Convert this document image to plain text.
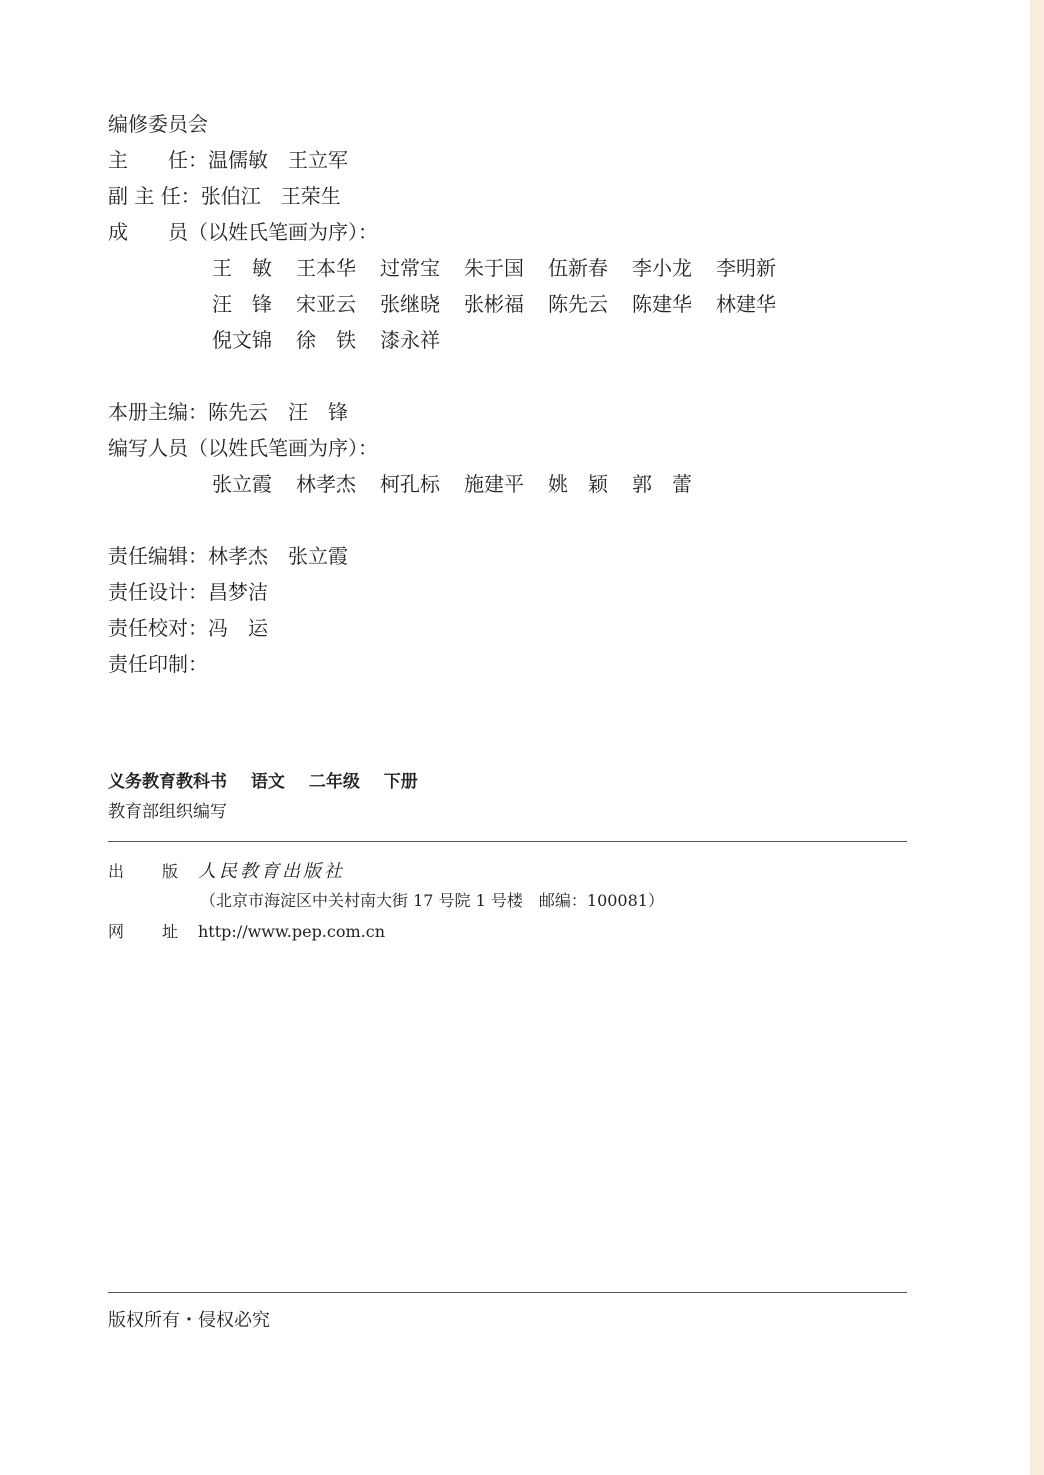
编修委员会
主　　任：温儒敏　王立军
副 主 任：张伯江　王荣生
成　　员（以姓氏笔画为序）：
王　敏	王本华	过常宝	朱于国	伍新春	李小龙	李明新
汪　锋	宋亚云	张继晓	张彬福	陈先云	陈建华	林建华
倪文锦	徐　铁	漆永祥
本册主编：陈先云　汪　锋
编写人员（以姓氏笔画为序）：
张立霞	林孝杰	柯孔标	施建平	姚　颖	郭　蕾
责任编辑：林孝杰　张立霞
责任设计：昌梦洁
责任校对：冯　运
责任印制：
义务教育教科书 语文 二年级 下册
教育部组织编写
出 版 人民教育出版社
（北京市海淀区中关村南大街 17 号院 1 号楼　邮编：100081）
网 址 http://www.pep.com.cn
版权所有・侵权必究
